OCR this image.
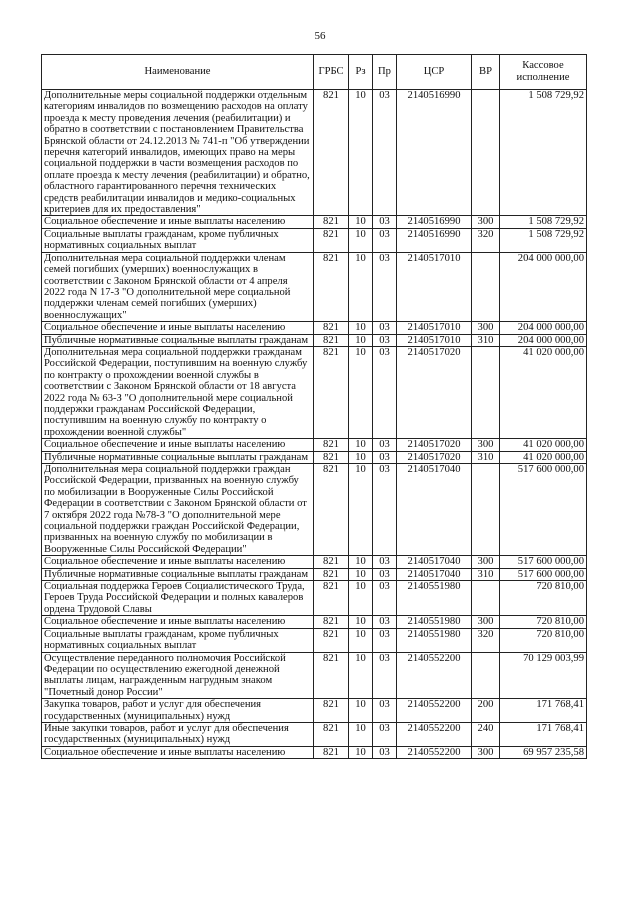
56
Наименование	ГРБС	Рз	Пр	ЦСР	ВР	Кассовое исполнение
Дополнительные меры социальной поддержки отдельным категориям инвалидов по возмещению расходов на оплату проезда к месту проведения лечения (реабилитации) и обратно в соответствии с постановлением Правительства Брянской области от 24.12.2013 № 741-п "Об утверждении перечня категорий инвалидов, имеющих право на меры социальной поддержки в части возмещения расходов по оплате проезда к месту лечения (реабилитации) и обратно, областного гарантированного перечня технических средств реабилитации инвалидов и медико-социальных критериев для их предоставления"	821	10	03	2140516990		1 508 729,92
Социальное обеспечение и иные выплаты населению	821	10	03	2140516990	300	1 508 729,92
Социальные выплаты гражданам, кроме публичных нормативных социальных выплат	821	10	03	2140516990	320	1 508 729,92
Дополнительная мера социальной поддержки членам семей погибших (умерших) военнослужащих в соответствии с Законом Брянской области от 4 апреля 2022 года N 17-З "О дополнительной мере социальной поддержки членам семей погибших (умерших) военнослужащих"	821	10	03	2140517010		204 000 000,00
Социальное обеспечение и иные выплаты населению	821	10	03	2140517010	300	204 000 000,00
Публичные нормативные социальные выплаты гражданам	821	10	03	2140517010	310	204 000 000,00
Дополнительная мера социальной поддержки гражданам Российской Федерации, поступившим на военную службу по контракту о прохождении военной службы в соответствии с Законом Брянской области от 18 августа 2022 года № 63-З "О дополнительной мере социальной поддержки гражданам Российской Федерации, поступившим на военную службу по контракту о прохождении военной службы"	821	10	03	2140517020		41 020 000,00
Социальное обеспечение и иные выплаты населению	821	10	03	2140517020	300	41 020 000,00
Публичные нормативные социальные выплаты гражданам	821	10	03	2140517020	310	41 020 000,00
Дополнительная мера социальной поддержки граждан Российской Федерации, призванных на военную службу по мобилизации в Вооруженные Силы Российской Федерации в соответствии с Законом Брянской области от 7 октября 2022 года №78-З "О дополнительной мере социальной поддержки граждан Российской Федерации, призванных на военную службу по мобилизации в Вооруженные Силы Российской Федерации"	821	10	03	2140517040		517 600 000,00
Социальное обеспечение и иные выплаты населению	821	10	03	2140517040	300	517 600 000,00
Публичные нормативные социальные выплаты гражданам	821	10	03	2140517040	310	517 600 000,00
Социальная поддержка Героев Социалистического Труда, Героев Труда Российской Федерации и полных кавалеров ордена Трудовой Славы	821	10	03	2140551980		720 810,00
Социальное обеспечение и иные выплаты населению	821	10	03	2140551980	300	720 810,00
Социальные выплаты гражданам, кроме публичных нормативных социальных выплат	821	10	03	2140551980	320	720 810,00
Осуществление переданного полномочия Российской Федерации по осуществлению ежегодной денежной выплаты лицам, награжденным нагрудным знаком "Почетный донор России"	821	10	03	2140552200		70 129 003,99
Закупка товаров, работ и услуг для обеспечения государственных (муниципальных) нужд	821	10	03	2140552200	200	171 768,41
Иные закупки товаров, работ и услуг для обеспечения государственных (муниципальных) нужд	821	10	03	2140552200	240	171 768,41
Социальное обеспечение и иные выплаты населению	821	10	03	2140552200	300	69 957 235,58
